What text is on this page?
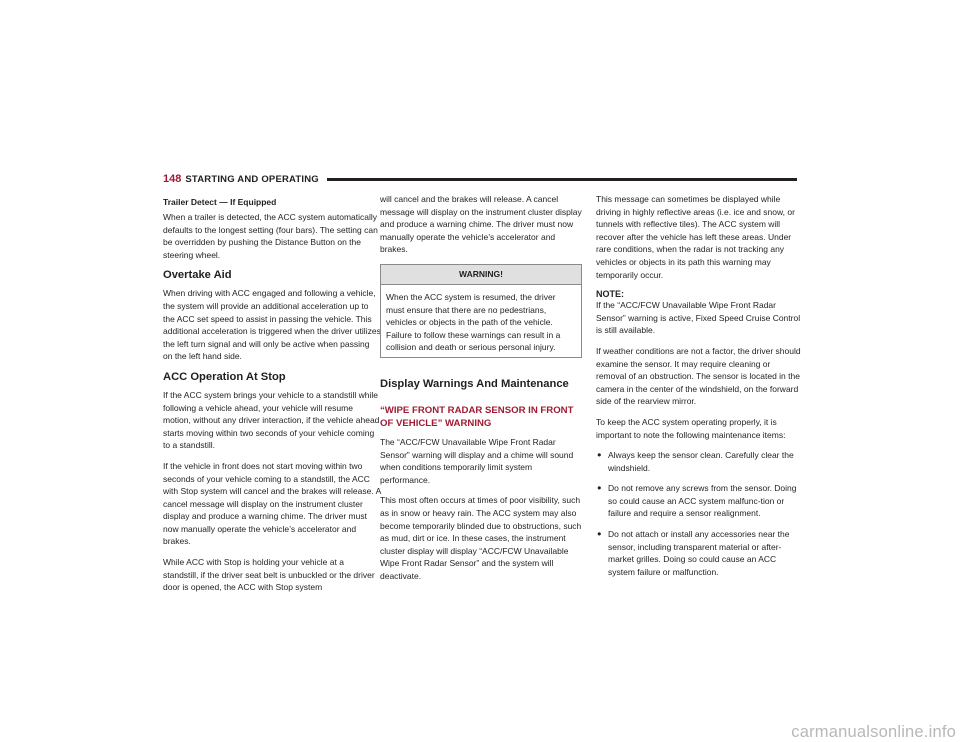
148 STARTING AND OPERATING
Trailer Detect — If Equipped

When a trailer is detected, the ACC system automatically defaults to the longest setting (four bars). The setting can be overridden by pushing the Distance Button on the steering wheel.

Overtake Aid

When driving with ACC engaged and following a vehicle, the system will provide an additional acceleration up to the ACC set speed to assist in passing the vehicle. This additional acceleration is triggered when the driver utilizes the left turn signal and will only be active when passing on the left hand side.

ACC Operation At Stop

If the ACC system brings your vehicle to a standstill while following a vehicle ahead, your vehicle will resume motion, without any driver interaction, if the vehicle ahead starts moving within two seconds of your vehicle coming to a standstill.

If the vehicle in front does not start moving within two seconds of your vehicle coming to a standstill, the ACC with Stop system will cancel and the brakes will release. A cancel message will display on the instrument cluster display and produce a warning chime. The driver must now manually operate the vehicle’s accelerator and brakes.

While ACC with Stop is holding your vehicle at a standstill, if the driver seat belt is unbuckled or the driver door is opened, the ACC with Stop system

will cancel and the brakes will release. A cancel message will display on the instrument cluster display and produce a warning chime. The driver must now manually operate the vehicle’s accelerator and brakes.

WARNING!

When the ACC system is resumed, the driver must ensure that there are no pedestrians, vehicles or objects in the path of the vehicle. Failure to follow these warnings can result in a collision and death or serious personal injury.

Display Warnings And Maintenance
“WIPE FRONT RADAR SENSOR IN FRONT OF VEHICLE” WARNING

The “ACC/FCW Unavailable Wipe Front Radar Sensor” warning will display and a chime will sound when conditions temporarily limit system performance.

This most often occurs at times of poor visibility, such as in snow or heavy rain. The ACC system may also become temporarily blinded due to obstructions, such as mud, dirt or ice. In these cases, the instrument cluster display will display “ACC/FCW Unavailable Wipe Front Radar Sensor” and the system will deactivate.

This message can sometimes be displayed while driving in highly reflective areas (i.e. ice and snow, or tunnels with reflective tiles). The ACC system will recover after the vehicle has left these areas. Under rare conditions, when the radar is not tracking any vehicles or objects in its path this warning may temporarily occur.

NOTE:

If the “ACC/FCW Unavailable Wipe Front Radar Sensor” warning is active, Fixed Speed Cruise Control is still available.

If weather conditions are not a factor, the driver should examine the sensor. It may require cleaning or removal of an obstruction. The sensor is located in the camera in the center of the windshield, on the forward side of the rearview mirror.

To keep the ACC system operating properly, it is important to note the following maintenance items:

● Always keep the sensor clean. Carefully clear the windshield.
● Do not remove any screws from the sensor. Doing so could cause an ACC system malfunc-tion or failure and require a sensor realignment.
● Do not attach or install any accessories near the sensor, including transparent material or after-market grilles. Doing so could cause an ACC system failure or malfunction.
carmanualsonline.info
